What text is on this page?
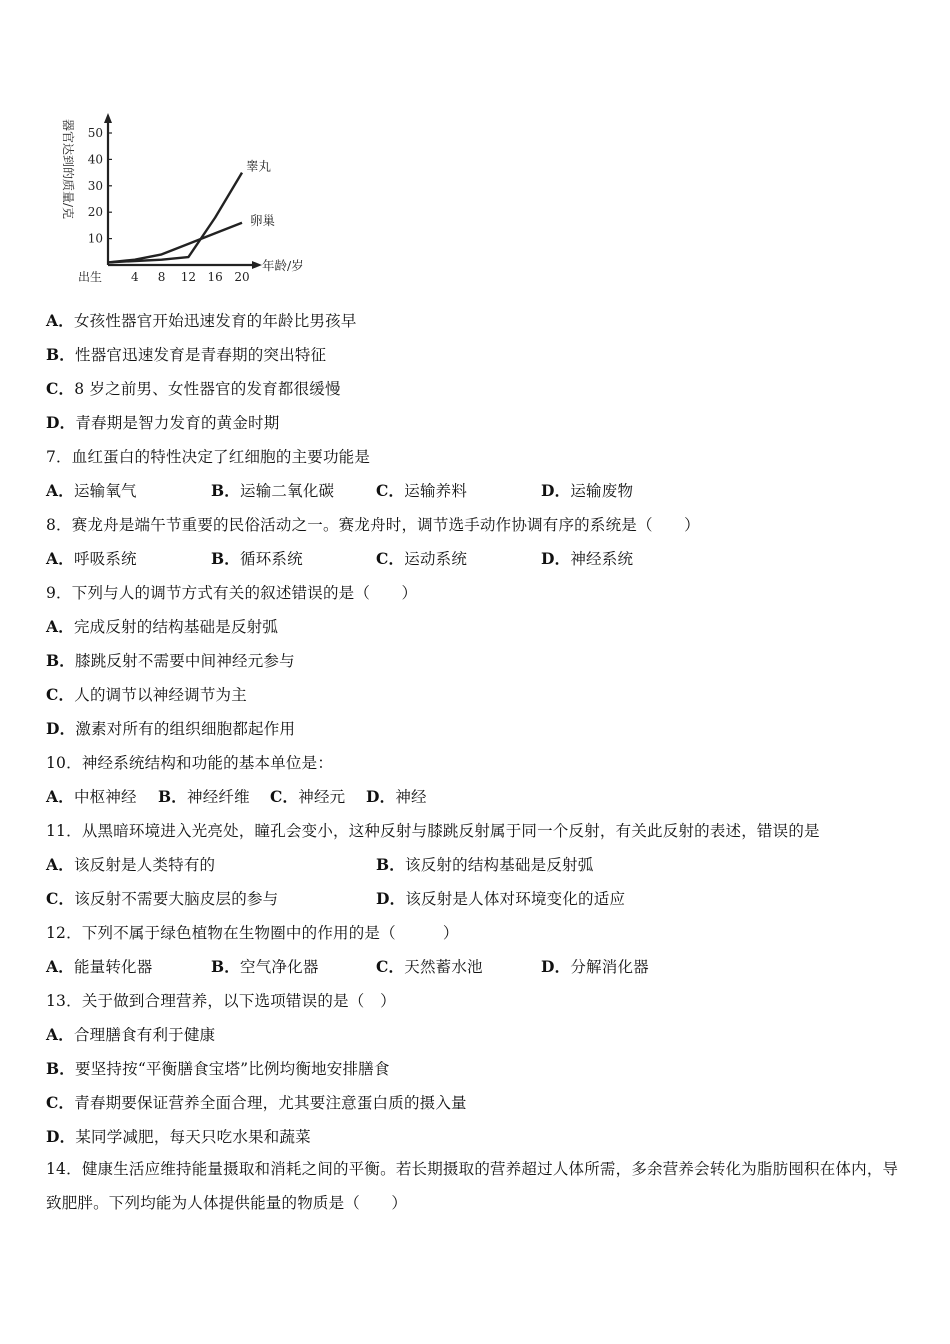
10
20
30
40
50
出生 4 8 12 16 20
年龄/岁
器官达到的质量/克	睾丸
卵巢
A．女孩性器官开始迅速发育的年龄比男孩早
B．性器官迅速发育是青春期的突出特征
C．8 岁之前男、女性器官的发育都很缓慢
D．青春期是智力发育的黄金时期
7．血红蛋白的特性决定了红细胞的主要功能是
A．运输氧气	B．运输二氧化碳	C．运输养料	D．运输废物
8．赛龙舟是端午节重要的民俗活动之一。赛龙舟时，调节选手动作协调有序的系统是（　　）
A．呼吸系统	B．循环系统	C．运动系统	D．神经系统
9．下列与人的调节方式有关的叙述错误的是（　　）
A．完成反射的结构基础是反射弧
B．膝跳反射不需要中间神经元参与
C．人的调节以神经调节为主
D．激素对所有的组织细胞都起作用
10．神经系统结构和功能的基本单位是：
A．中枢神经 B．神经纤维 C．神经元 D．神经
11．从黑暗环境进入光亮处，瞳孔会变小，这种反射与膝跳反射属于同一个反射，有关此反射的表述，错误的是
A．该反射是人类特有的	B．该反射的结构基础是反射弧
C．该反射不需要大脑皮层的参与	D．该反射是人体对环境变化的适应
12．下列不属于绿色植物在生物圈中的作用的是（　　　）
A．能量转化器	B．空气净化器	C．天然蓄水池	D．分解消化器
13．关于做到合理营养，以下选项错误的是（　）
A．合理膳食有利于健康
B．要坚持按“平衡膳食宝塔”比例均衡地安排膳食
C．青春期要保证营养全面合理，尤其要注意蛋白质的摄入量
D．某同学减肥，每天只吃水果和蔬菜
14．健康生活应维持能量摄取和消耗之间的平衡。若长期摄取的营养超过人体所需，多余营养会转化为脂肪囤积在体内，导致肥胖。下列均能为人体提供能量的物质是（　　）
